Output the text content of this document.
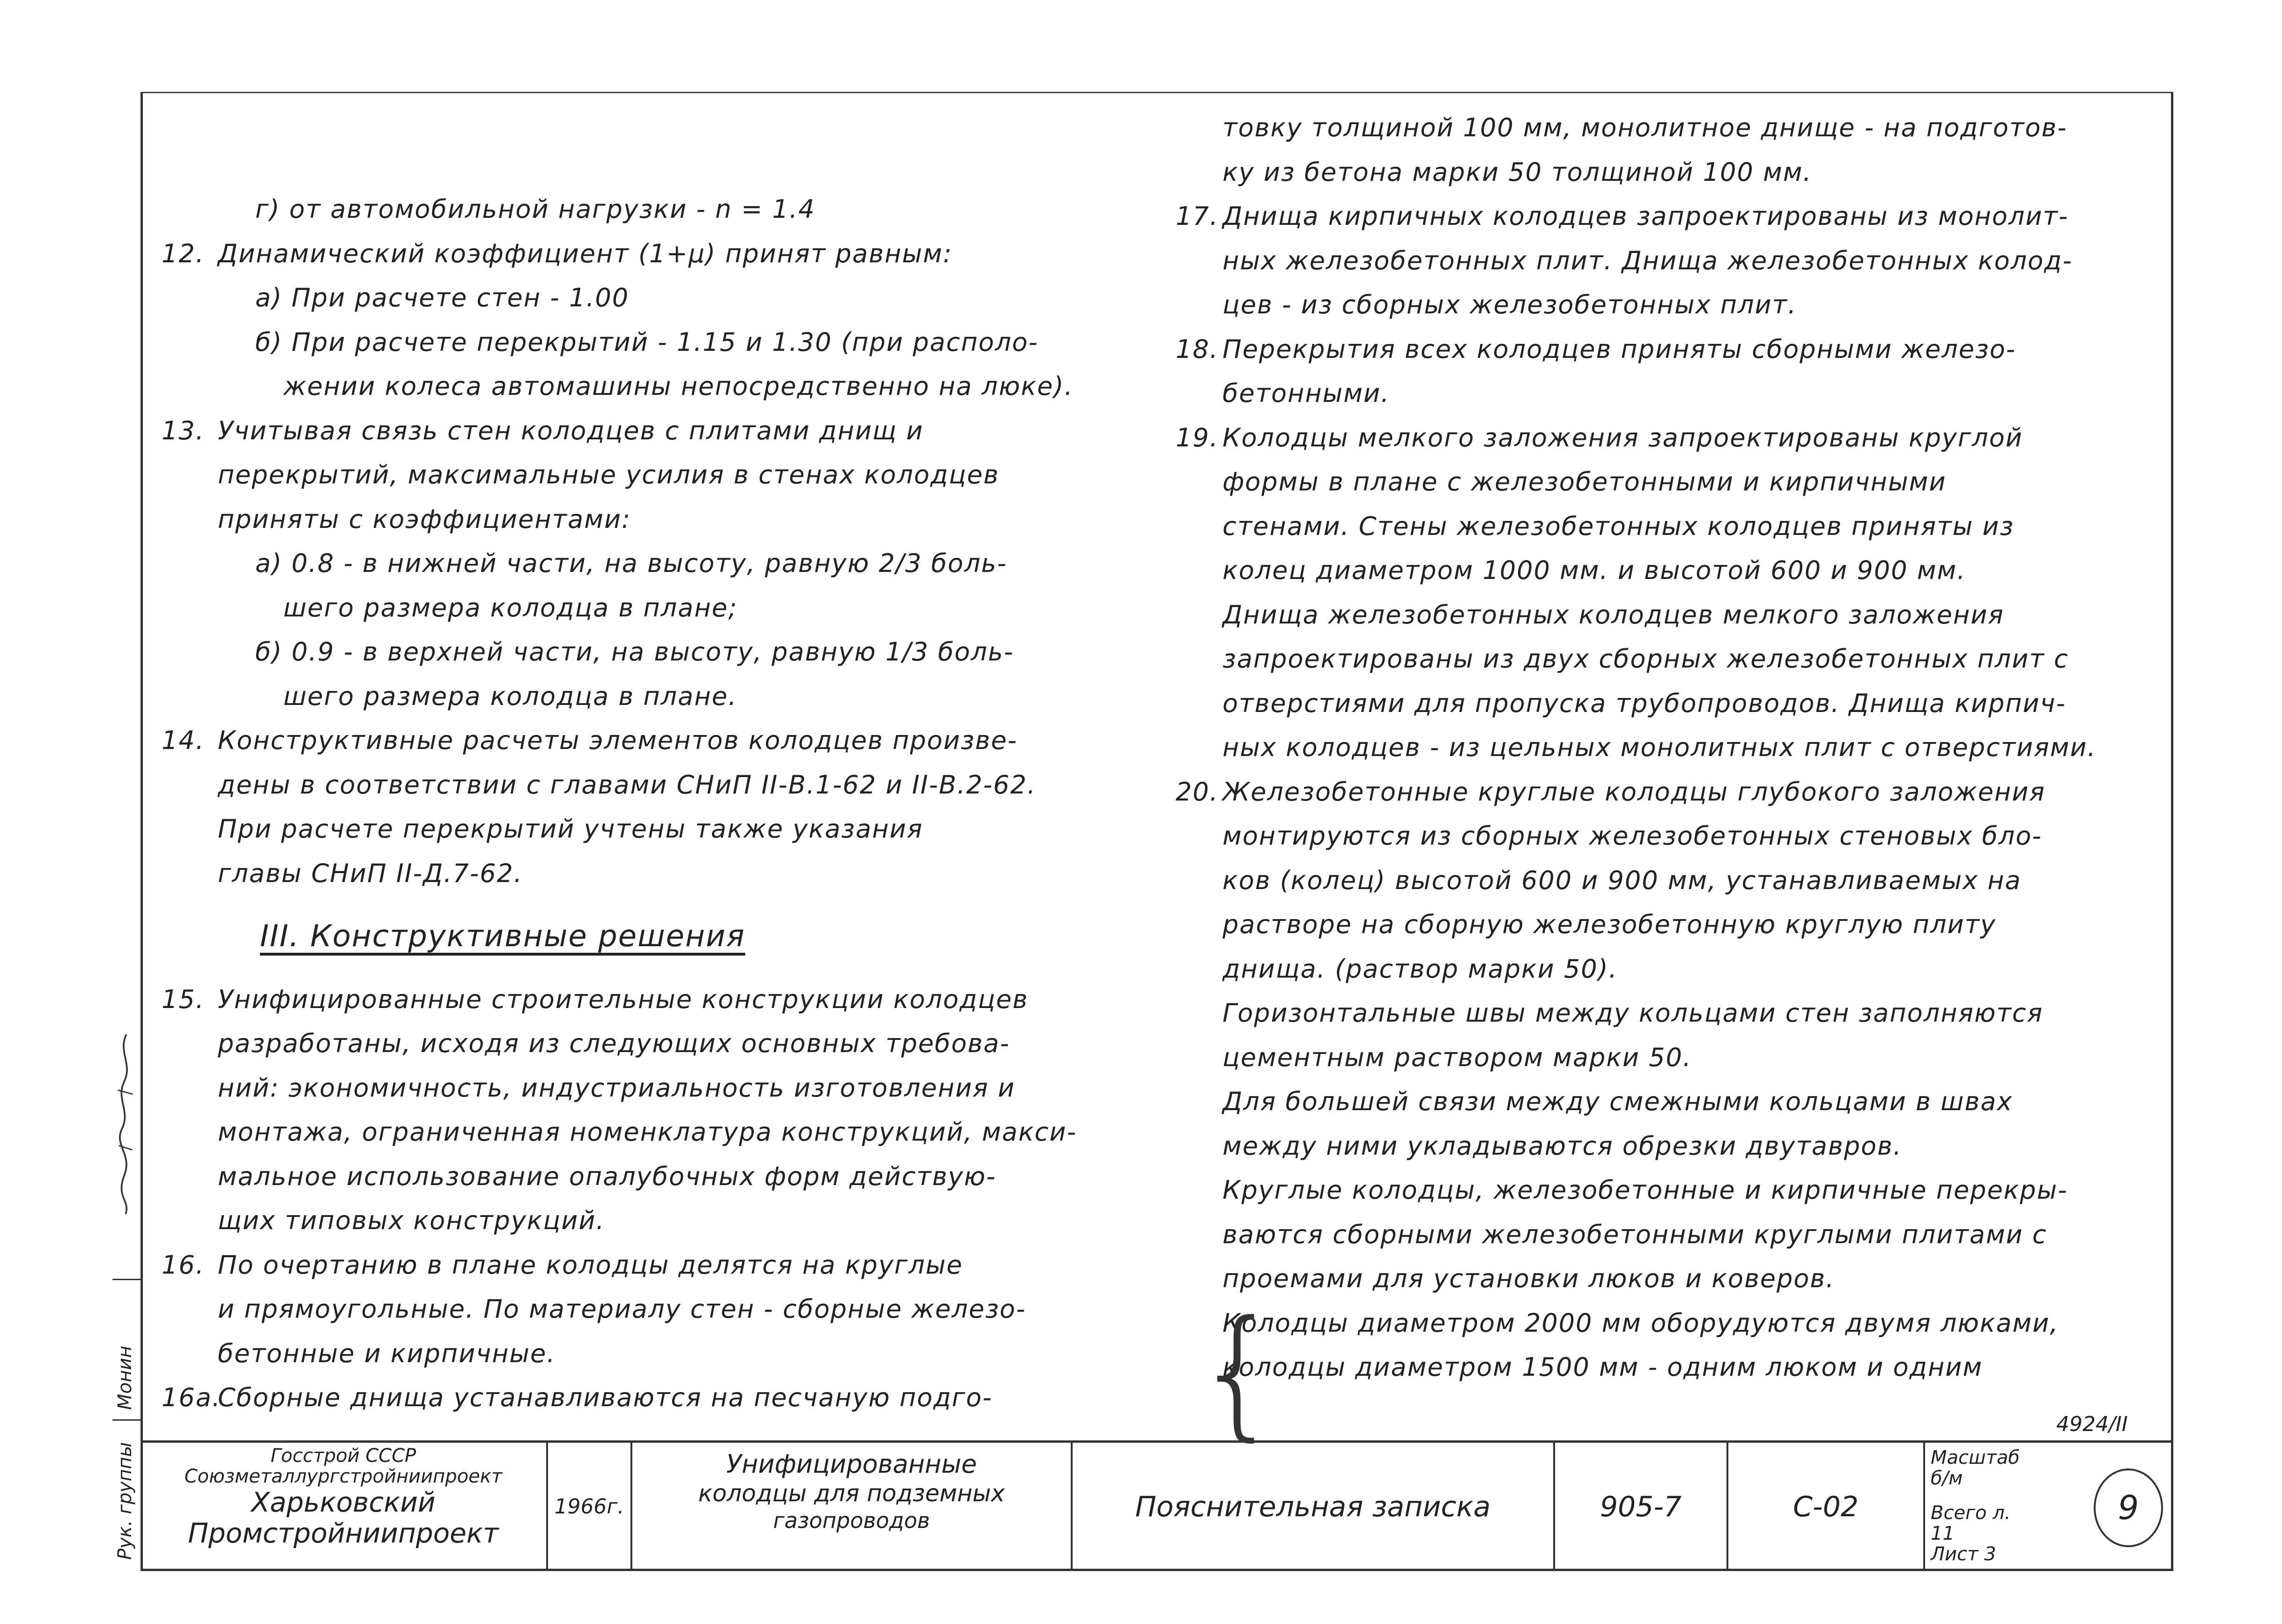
г) от автомобильной нагрузки - n = 1.4
12. Динамический коэффициент (1+μ) принят равным:
а) При расчете стен - 1.00
б) При расчете перекрытий - 1.15 и 1.30 (при располо-
жении колеса автомашины непосредственно на люке).
13. Учитывая связь стен колодцев с плитами днищ и
перекрытий, максимальные усилия в стенах колодцев
приняты с коэффициентами:
а) 0.8 - в нижней части, на высоту, равную 2/3 боль-
шего размера колодца в плане;
б) 0.9 - в верхней части, на высоту, равную 1/3 боль-
шего размера колодца в плане.
14. Конструктивные расчеты элементов колодцев произве-
дены в соответствии с главами СНиП II-В.1-62 и II-В.2-62.
При расчете перекрытий учтены также указания
главы СНиП II-Д.7-62.
III. Конструктивные решения
15. Унифицированные строительные конструкции колодцев
разработаны, исходя из следующих основных требова-
ний: экономичность, индустриальность изготовления и
монтажа, ограниченная номенклатура конструкций, макси-
мальное использование опалубочных форм действую-
щих типовых конструкций.
16. По очертанию в плане колодцы делятся на круглые
и прямоугольные. По материалу стен - сборные железо-
бетонные и кирпичные.
16а.Сборные днища устанавливаются на песчаную подго-
товку толщиной 100 мм, монолитное днище - на подготов-
ку из бетона марки 50 толщиной 100 мм.
17. Днища кирпичных колодцев запроектированы из монолит-
ных железобетонных плит. Днища железобетонных колод-
цев - из сборных железобетонных плит.
18. Перекрытия всех колодцев приняты сборными железо-
бетонными.
19. Колодцы мелкого заложения запроектированы круглой
формы в плане с железобетонными и кирпичными
стенами. Стены железобетонных колодцев приняты из
колец диаметром 1000 мм. и высотой 600 и 900 мм.
Днища железобетонных колодцев мелкого заложения
запроектированы из двух сборных железобетонных плит с
отверстиями для пропуска трубопроводов. Днища кирпич-
ных колодцев - из цельных монолитных плит с отверстиями.
20. Железобетонные круглые колодцы глубокого заложения
монтируются из сборных железобетонных стеновых бло-
ков (колец) высотой 600 и 900 мм, устанавливаемых на
растворе на сборную железобетонную круглую плиту
днища. (раствор марки 50).
Горизонтальные швы между кольцами стен заполняются
цементным раствором марки 50.
Для большей связи между смежными кольцами в швах
между ними укладываются обрезки двутавров.
Круглые колодцы, железобетонные и кирпичные перекры-
ваются сборными железобетонными круглыми плитами с
проемами для установки люков и коверов.
Колодцы диаметром 2000 мм оборудуются двумя люками,
колодцы диаметром 1500 мм - одним люком и одним
{
Монин
Рук. группы
4924/II
Госстрой СССР
Союзметаллургстройниипроект
Харьковский
Промстройниипроект
1966г.
Унифицированные
колодцы для подземных
газопроводов	Пояснительная записка	905-7	С-02
Масштаб
б/м
Всего л. 11
Лист 3
9
